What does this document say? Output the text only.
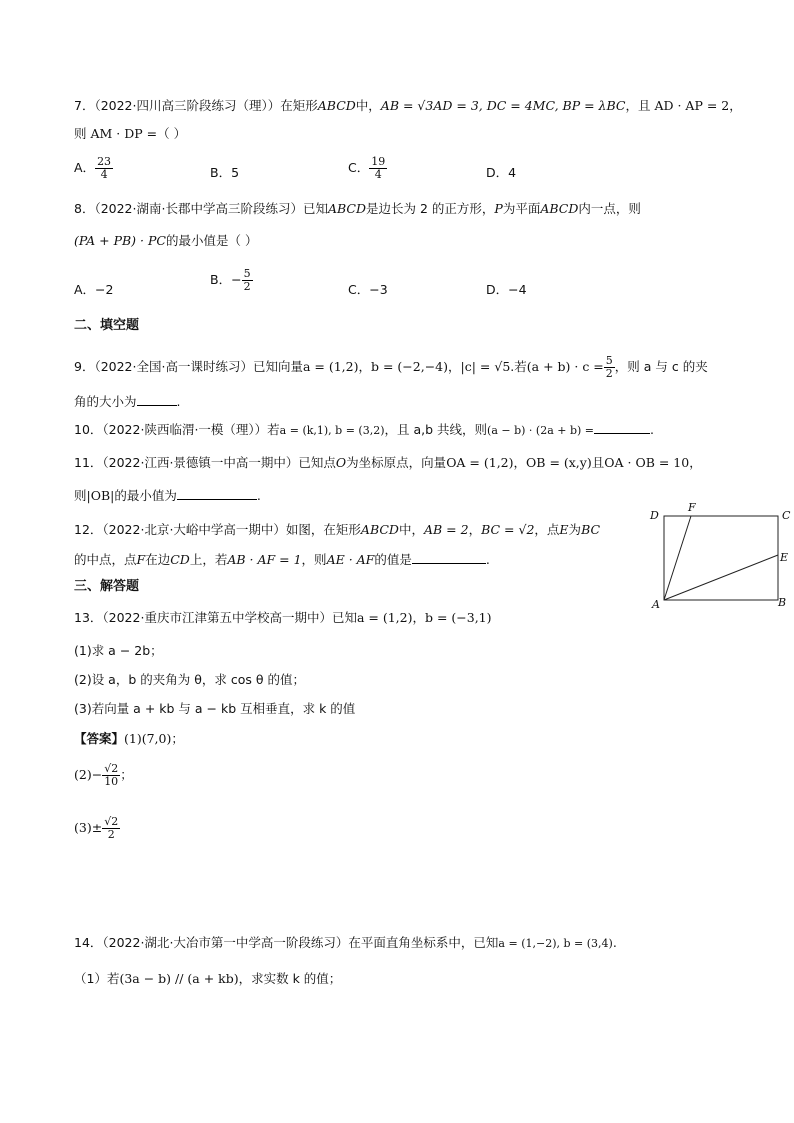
7．（2022·四川高三阶段练习（理））在矩形ABCD中，AB = √3AD = 3, DC = 4MC, BP = λBC，且 AD · AP = 2，
则 AM · DP =（ ）
A． $\frac{23}{4}$	B．5	C． $\frac{19}{4}$	D．4
8．（2022·湖南·长郡中学高三阶段练习）已知ABCD是边长为 2 的正方形，P为平面ABCD内一点，则
(PA + PB) · PC的最小值是（ ）
A．−2
B．− $\frac{5}{2}$	C．−3	D．−4
二、填空题
9．（2022·全国·高一课时练习）已知向量a = (1,2)，b = (−2,−4)，|c| = √5.若$(a + b) \cdot c = \frac{5}{2}$ ，则 a 与 c 的夹
角的大小为	.
10．（2022·陕西临渭·一模（理））若a = (k,1), b = (3,2)，且 a,b 共线，则(a − b) · (2a + b) =	.
11．（2022·江西·景德镇一中高一期中）已知点O为坐标原点，向量OA = (1,2)，OB = (x,y)且OA · OB = 10，
则|OB|的最小值为	.
12．（2022·北京·大峪中学高一期中）如图，在矩形ABCD中，AB = 2，BC = √2，点E为BC
的中点，点F在边CD上，若AB · AF = 1，则AE · AF的值是	.
D
F
C
E
A	B
三、解答题
13．（2022·重庆市江津第五中学校高一期中）已知a = (1,2)，b = (−3,1)
(1)求 a − 2b；
(2)设 a，b 的夹角为 θ，求 cos θ 的值；
(3)若向量 a + kb 与 a − kb 互相垂直，求 k 的值
【答案】(1)(7,0)；
$(2)- \frac{√2}{10}$ ；
$(3)\pm \frac{√2}{2}$
14．（2022·湖北·大冶市第一中学高一阶段练习）在平面直角坐标系中，已知a = (1,−2), b = (3,4).
（1）若(3a − b) // (a + kb)，求实数 k 的值；
